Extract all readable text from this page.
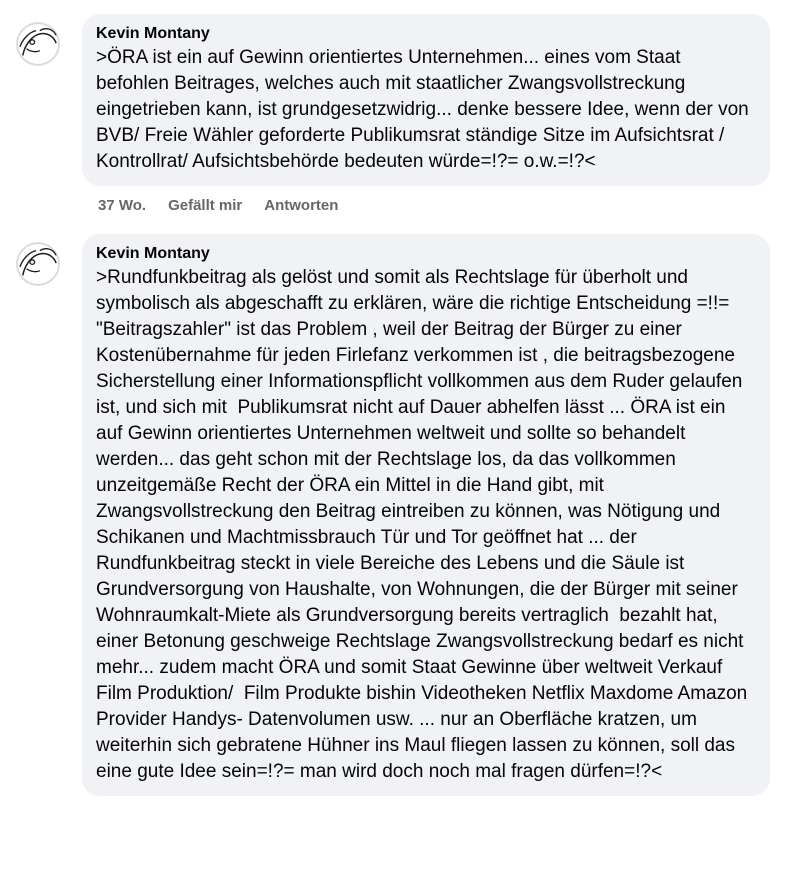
Kevin Montany
>ÖRA ist ein auf Gewinn orientiertes Unternehmen... eines vom Staat befohlen Beitrages, welches auch mit staatlicher Zwangsvollstreckung eingetrieben kann, ist grundgesetzwidrig... denke bessere Idee, wenn der von BVB/ Freie Wähler geforderte Publikumsrat ständige Sitze im Aufsichtsrat / Kontrollrat/ Aufsichtsbehörde bedeuten würde=!?= o.w.=!?<
37 Wo. Gefällt mir Antworten
Kevin Montany
>Rundfunkbeitrag als gelöst und somit als Rechtslage für überholt und symbolisch als abgeschafft zu erklären, wäre die richtige Entscheidung =!!= "Beitragszahler" ist das Problem , weil der Beitrag der Bürger zu einer Kostenübernahme für jeden Firlefanz verkommen ist , die beitragsbezogene  Sicherstellung einer Informationspflicht vollkommen aus dem Ruder gelaufen ist, und sich mit  Publikumsrat nicht auf Dauer abhelfen lässt ... ÖRA ist ein auf Gewinn orientiertes Unternehmen weltweit und sollte so behandelt werden... das geht schon mit der Rechtslage los, da das vollkommen unzeitgemäße Recht der ÖRA ein Mittel in die Hand gibt, mit Zwangsvollstreckung den Beitrag eintreiben zu können, was Nötigung und Schikanen und Machtmissbrauch Tür und Tor geöffnet hat ... der Rundfunkbeitrag steckt in viele Bereiche des Lebens und die Säule ist Grundversorgung von Haushalte, von Wohnungen, die der Bürger mit seiner Wohnraumkalt-Miete als Grundversorgung bereits vertraglich  bezahlt hat, einer Betonung geschweige Rechtslage Zwangsvollstreckung bedarf es nicht mehr... zudem macht ÖRA und somit Staat Gewinne über weltweit Verkauf Film Produktion/  Film Produkte bishin Videotheken Netflix Maxdome Amazon Provider Handys- Datenvolumen usw. ... nur an Oberfläche kratzen, um weiterhin sich gebratene Hühner ins Maul fliegen lassen zu können, soll das eine gute Idee sein=!?= man wird doch noch mal fragen dürfen=!?<
